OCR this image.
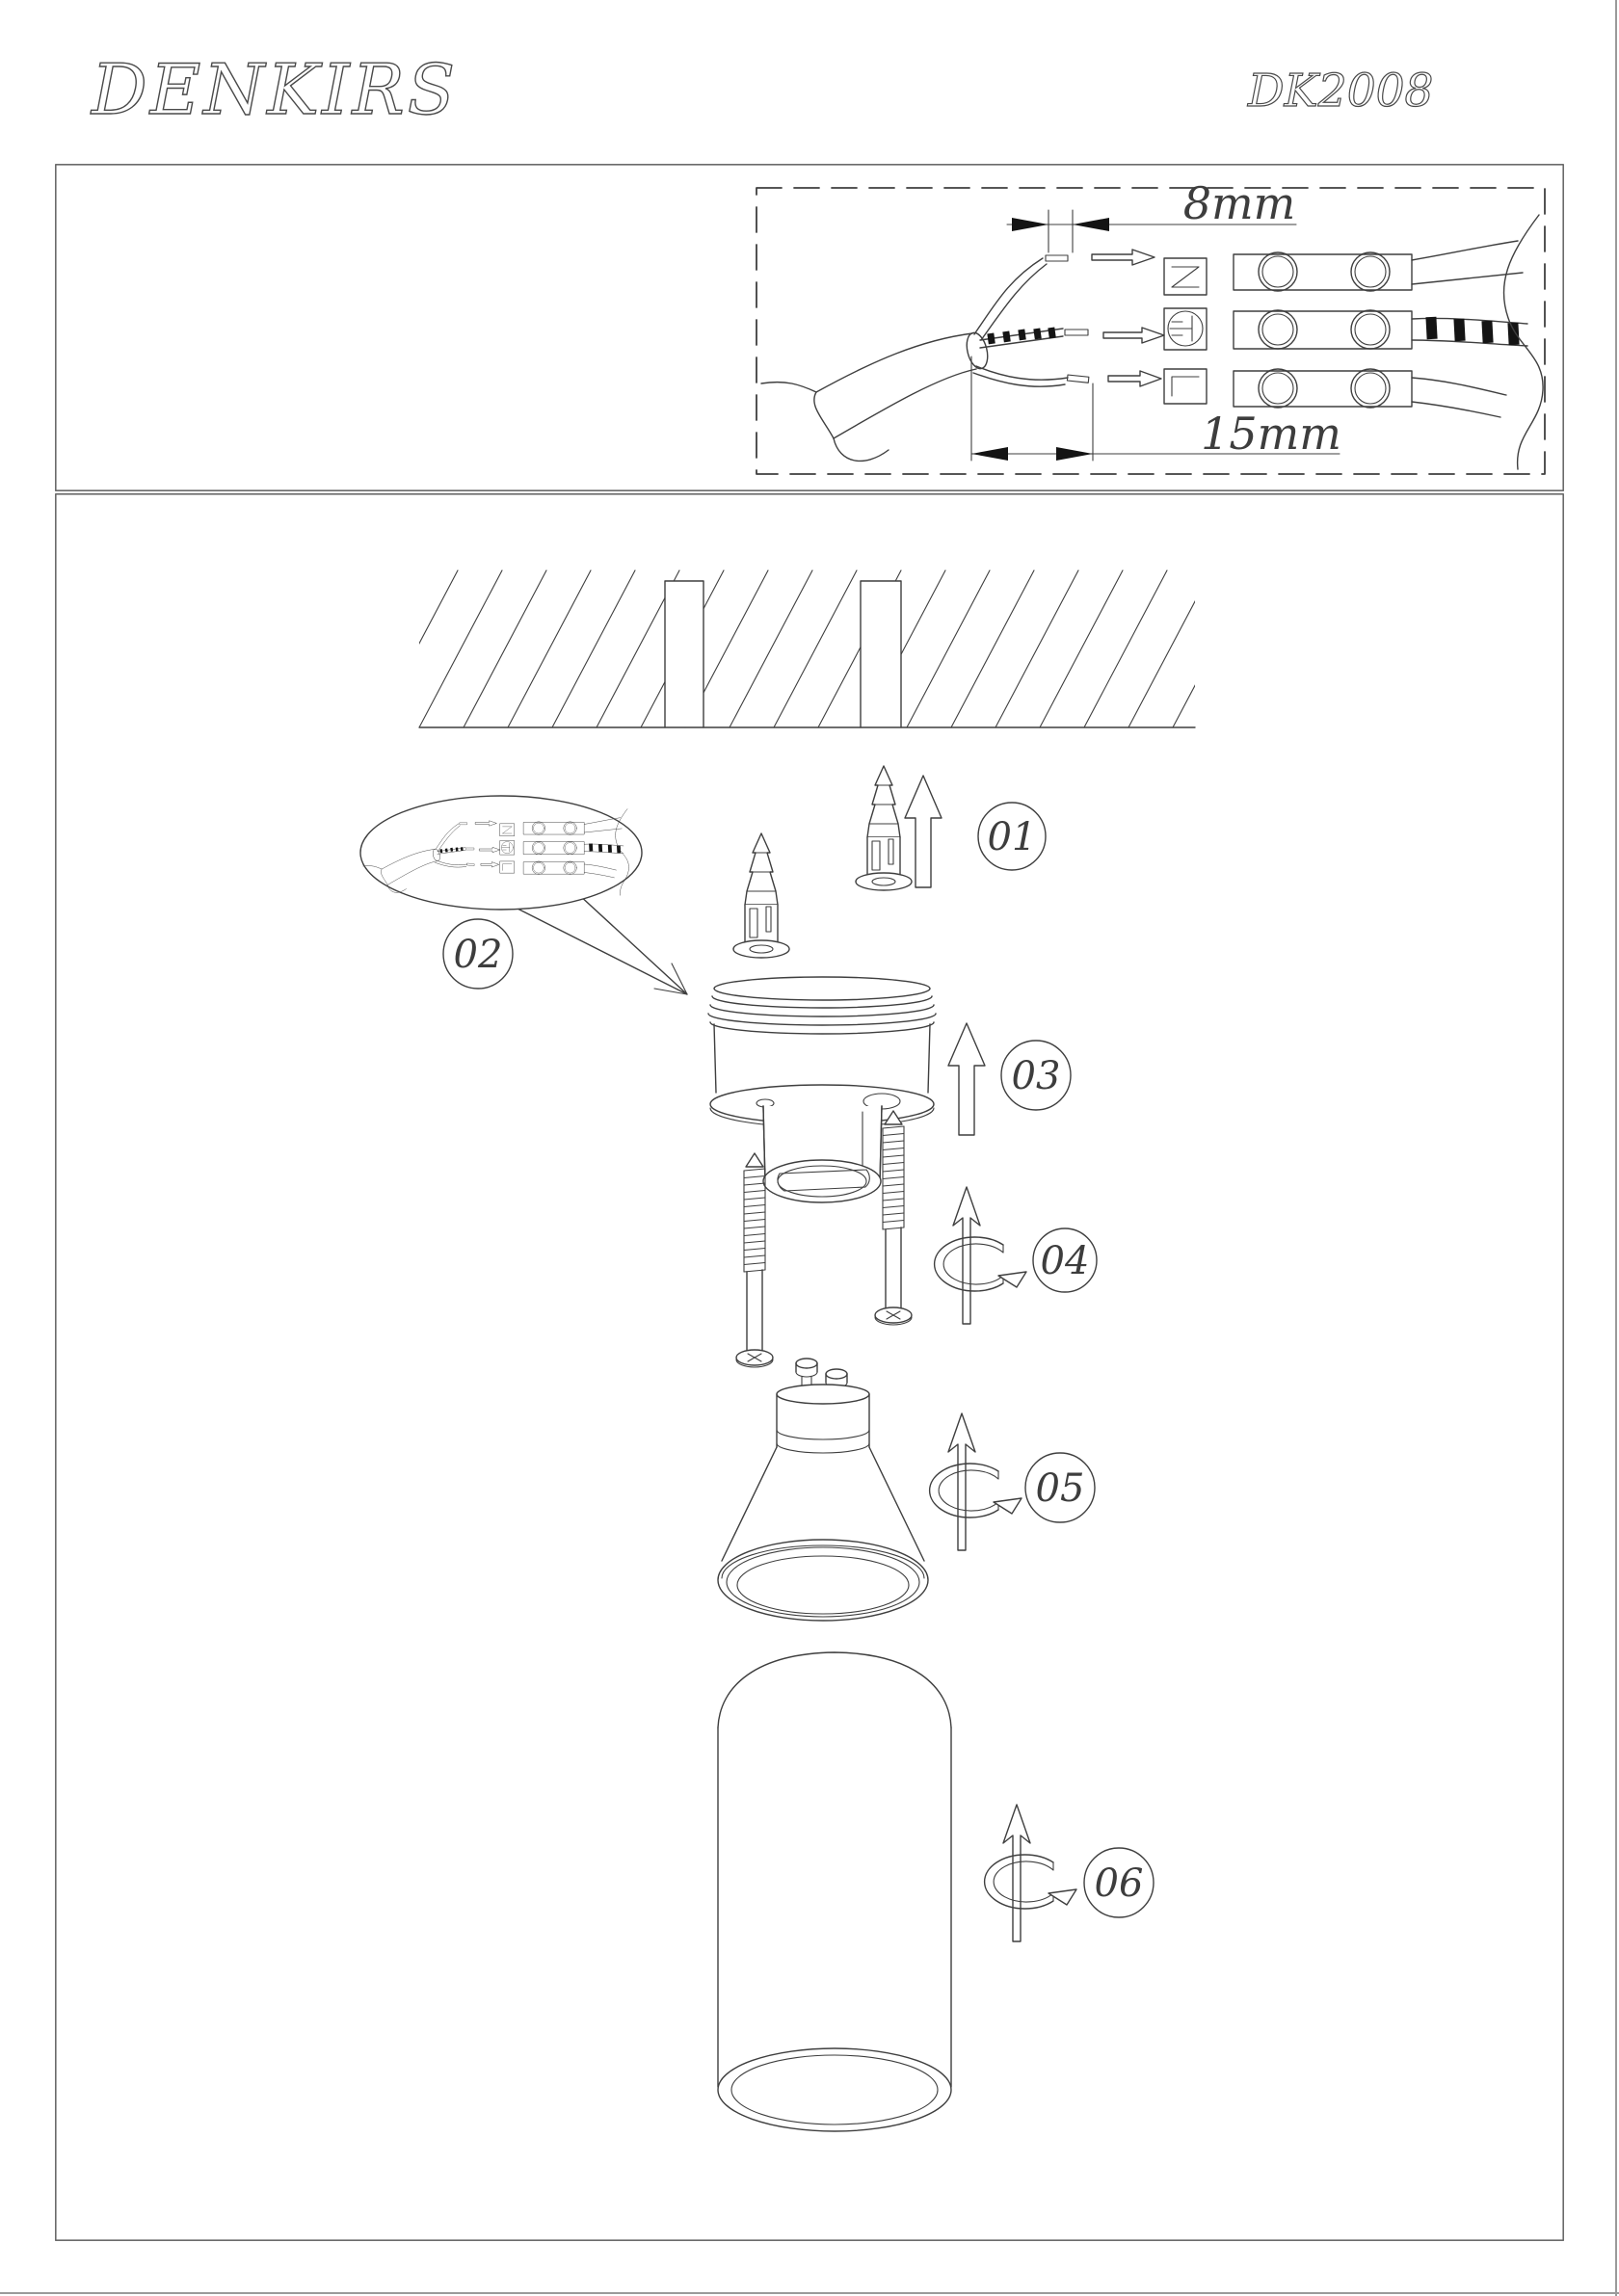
DENKIRS	DK2008
8mm
15mm
01
02
03
04
05
06
